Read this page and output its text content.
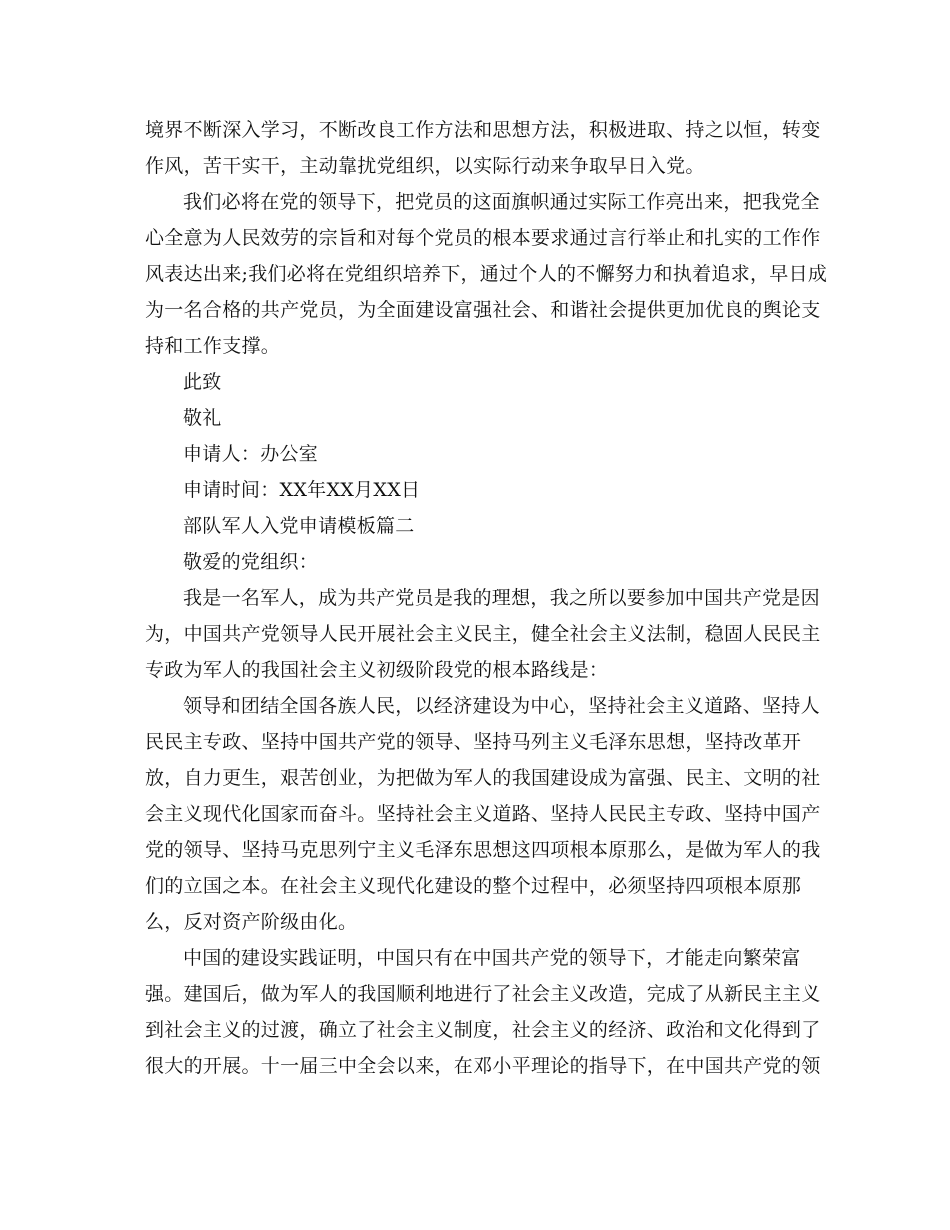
境界不断深入学习，不断改良工作方法和思想方法，积极进取、持之以恒，转变
作风，苦干实干，主动靠扰党组织，以实际行动来争取早日入党。
我们必将在党的领导下，把党员的这面旗帜通过实际工作亮出来，把我党全
心全意为人民效劳的宗旨和对每个党员的根本要求通过言行举止和扎实的工作作
风表达出来;我们必将在党组织培养下，通过个人的不懈努力和执着追求，早日成
为一名合格的共产党员，为全面建设富强社会、和谐社会提供更加优良的舆论支
持和工作支撑。
此致
敬礼
申请人：办公室
申请时间：XX年XX月XX日
部队军人入党申请模板篇二
敬爱的党组织：
我是一名军人，成为共产党员是我的理想，我之所以要参加中国共产党是因
为，中国共产党领导人民开展社会主义民主，健全社会主义法制，稳固人民民主
专政为军人的我国社会主义初级阶段党的根本路线是：
领导和团结全国各族人民，以经济建设为中心，坚持社会主义道路、坚持人
民民主专政、坚持中国共产党的领导、坚持马列主义毛泽东思想，坚持改革开
放，自力更生，艰苦创业，为把做为军人的我国建设成为富强、民主、文明的社
会主义现代化国家而奋斗。坚持社会主义道路、坚持人民民主专政、坚持中国产
党的领导、坚持马克思列宁主义毛泽东思想这四项根本原那么，是做为军人的我
们的立国之本。在社会主义现代化建设的整个过程中，必须坚持四项根本原那
么，反对资产阶级由化。
中国的建设实践证明，中国只有在中国共产党的领导下，才能走向繁荣富
强。建国后，做为军人的我国顺利地进行了社会主义改造，完成了从新民主主义
到社会主义的过渡，确立了社会主义制度，社会主义的经济、政治和文化得到了
很大的开展。十一届三中全会以来，在邓小平理论的指导下，在中国共产党的领
